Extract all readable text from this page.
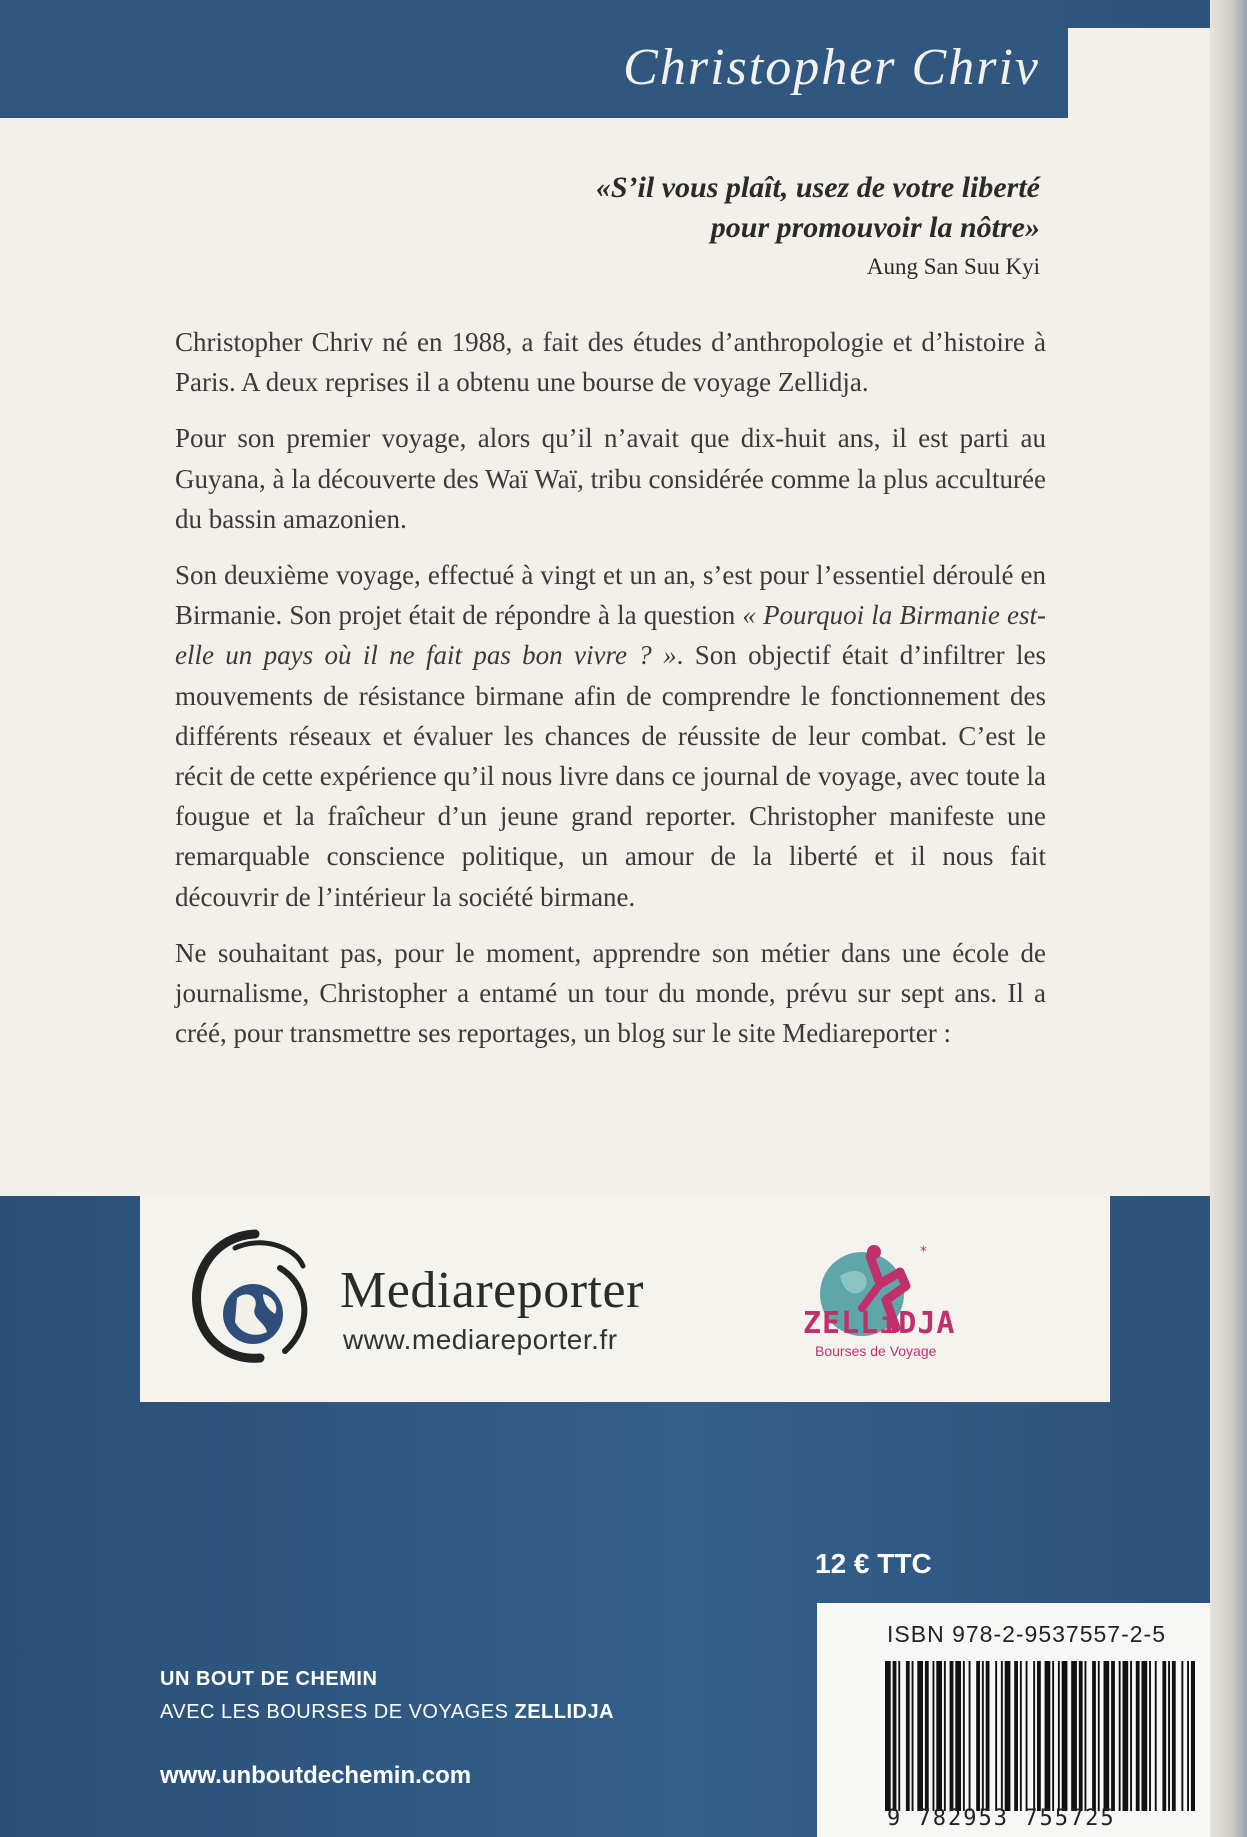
Christopher Chriv
«S’il vous plaît, usez de votre liberté
pour promouvoir la nôtre»
Aung San Suu Kyi

Christopher Chriv né en 1988, a fait des études d’anthropologie et d’histoire à Paris. A deux reprises il a obtenu une bourse de voyage Zellidja.

Pour son premier voyage, alors qu’il n’avait que dix-huit ans, il est parti au Guyana, à la découverte des Waï Waï, tribu considérée comme la plus acculturée du bassin amazonien.

Son deuxième voyage, effectué à vingt et un an, s’est pour l’essentiel déroulé en Birmanie. Son projet était de répondre à la question « Pourquoi la Birmanie est-elle un pays où il ne fait pas bon vivre ? ». Son objectif était d’infiltrer les mouvements de résistance birmane afin de comprendre le fonctionnement des différents réseaux et évaluer les chances de réussite de leur combat. C’est le récit de cette expérience qu’il nous livre dans ce journal de voyage, avec toute la fougue et la fraîcheur d’un jeune grand reporter. Christopher manifeste une remarquable conscience politique, un amour de la liberté et il nous fait découvrir de l’intérieur la société birmane.

Ne souhaitant pas, pour le moment, apprendre son métier dans une école de journalisme, Christopher a entamé un tour du monde, prévu sur sept ans. Il a créé, pour transmettre ses reportages, un blog sur le site Mediareporter :

Mediareporter
www.mediareporter.fr
*
ZELLiDJA
Bourses de Voyage
12 € TTC
ISBN 978-2-9537557-2-5
9 782953 755725
UN BOUT DE CHEMIN
AVEC LES BOURSES DE VOYAGES ZELLIDJA
www.unboutdechemin.com
